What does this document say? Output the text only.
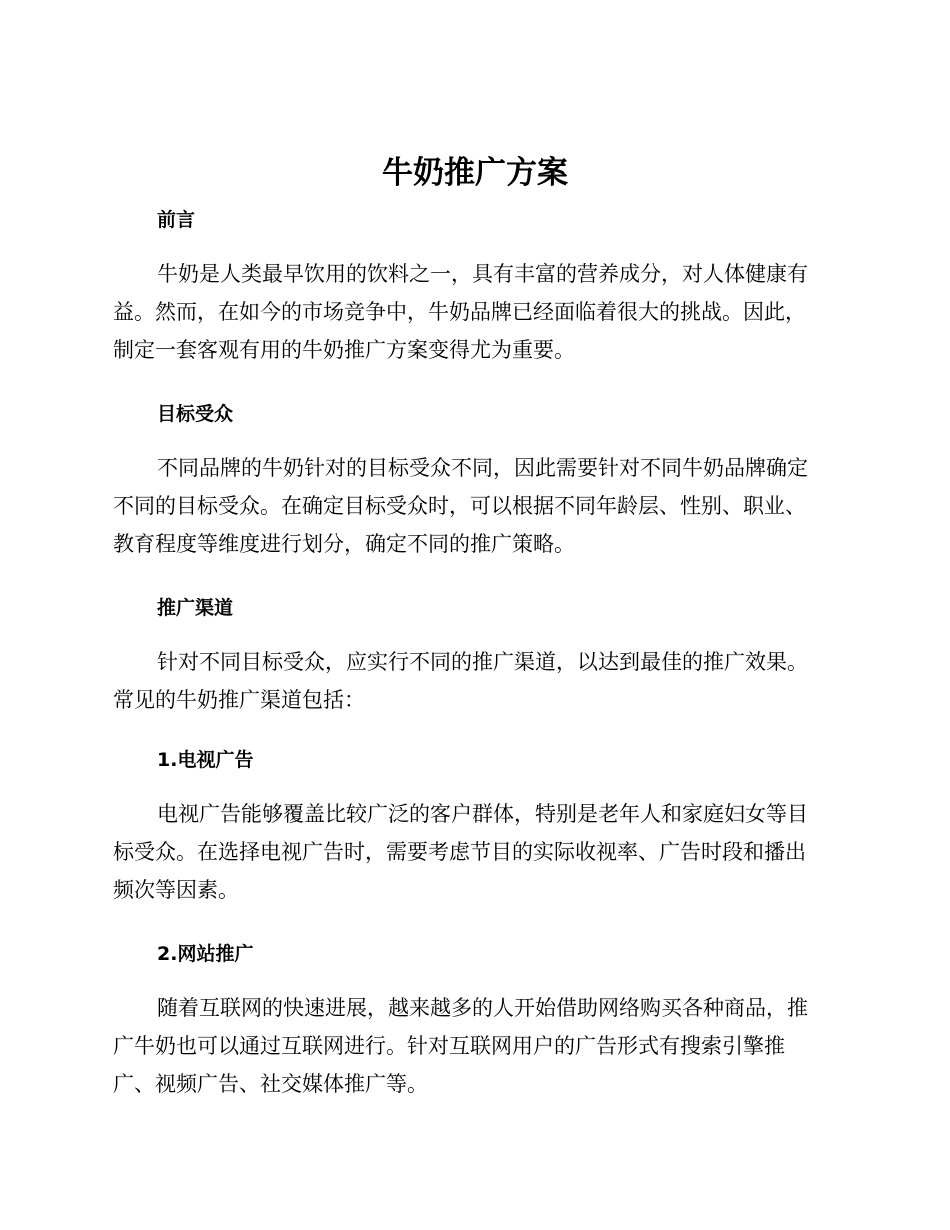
牛奶推广方案
前言
牛奶是人类最早饮用的饮料之一，具有丰富的营养成分，对人体健康有
益。然而，在如今的市场竞争中，牛奶品牌已经面临着很大的挑战。因此，
制定一套客观有用的牛奶推广方案变得尤为重要。
目标受众
不同品牌的牛奶针对的目标受众不同，因此需要针对不同牛奶品牌确定
不同的目标受众。在确定目标受众时，可以根据不同年龄层、性别、职业、
教育程度等维度进行划分，确定不同的推广策略。
推广渠道
针对不同目标受众，应实行不同的推广渠道，以达到最佳的推广效果。
常见的牛奶推广渠道包括：
1.电视广告
电视广告能够覆盖比较广泛的客户群体，特别是老年人和家庭妇女等目
标受众。在选择电视广告时，需要考虑节目的实际收视率、广告时段和播出
频次等因素。
2.网站推广
随着互联网的快速进展，越来越多的人开始借助网络购买各种商品，推
广牛奶也可以通过互联网进行。针对互联网用户的广告形式有搜索引擎推
广、视频广告、社交媒体推广等。
